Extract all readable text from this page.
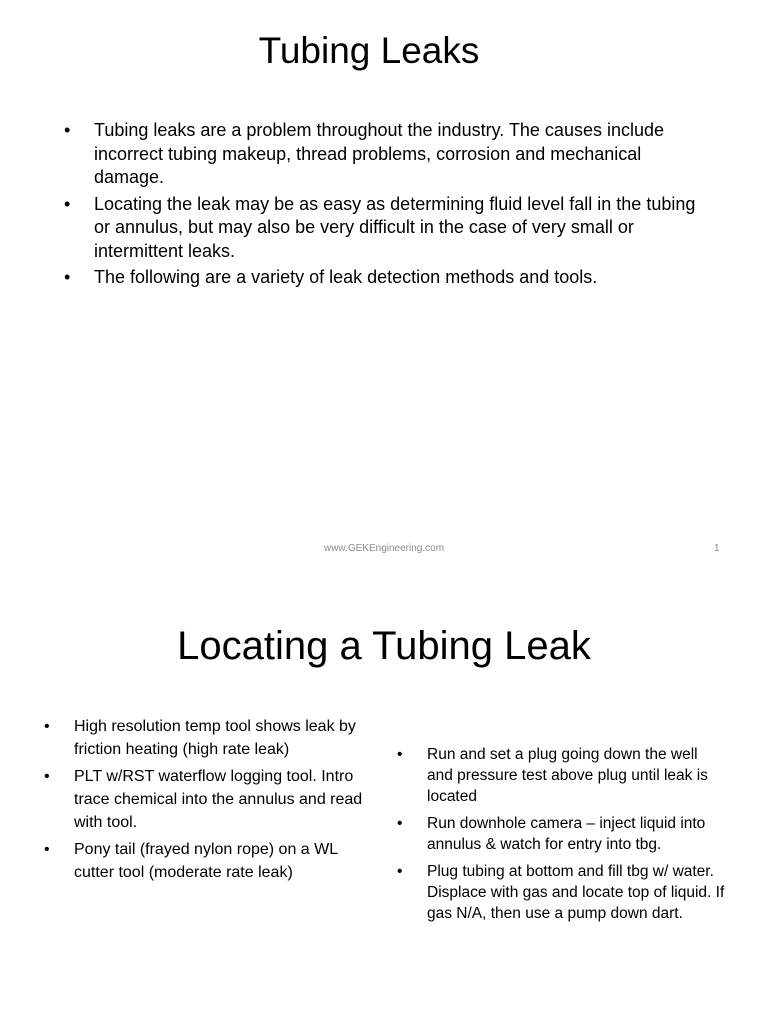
Tubing Leaks
• Tubing leaks are a problem throughout the industry. The causes include incorrect tubing makeup, thread problems, corrosion and mechanical damage.
• Locating the leak may be as easy as determining fluid level fall in the tubing or annulus, but may also be very difficult in the case of very small or intermittent leaks.
• The following are a variety of leak detection methods and tools.
www.GEKEngineering.com	1
Locating a Tubing Leak
• High resolution temp tool shows leak by friction heating (high rate leak)
• PLT w/RST waterflow logging tool. Intro trace chemical into the annulus and read with tool.
• Pony tail (frayed nylon rope) on a WL cutter tool (moderate rate leak)
• Run and set a plug going down the well and pressure test above plug until leak is located
• Run downhole camera – inject liquid into annulus & watch for entry into tbg.
• Plug tubing at bottom and fill tbg w/ water. Displace with gas and locate top of liquid. If gas N/A, then use a pump down dart.
